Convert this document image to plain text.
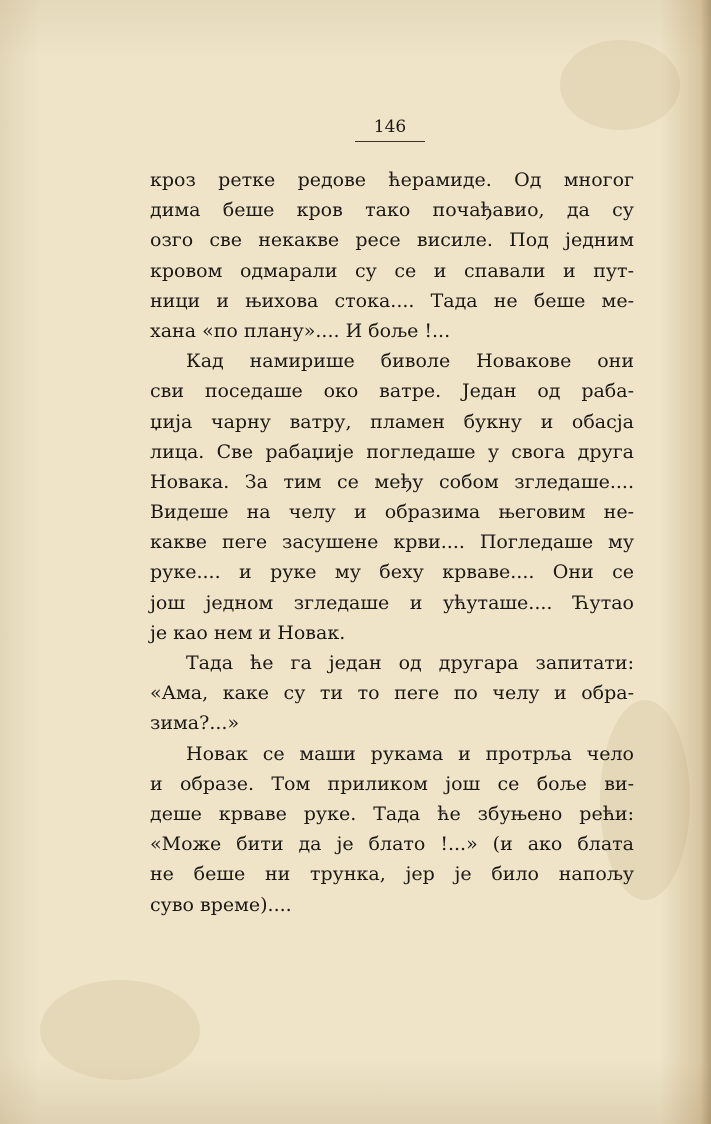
146
кроз ретке редове ћерамиде. Од многог
дима беше кров тако почађавио, да су
озго све некакве ресе висиле. Под једним
кровом одмарали су се и спавали и пут-
ници и њихова стока.... Тада не беше ме-
хана «по плану».... И боље !...
Кад намирише биволе Новакове они
сви поседаше око ватре. Један од раба-
џија чарну ватру, пламен букну и обасја
лица. Све рабаџије погледаше у свога друга
Новака. За тим се међу собом згледаше....
Видеше на челу и образима његовим не-
какве пеге засушене крви.... Погледаше му
руке.... и руке му беху крваве.... Они се
још једном згледаше и ућуташе.... Ћутао
је као нем и Новак.
Тада ће га један од другара запитати:
«Ама, каке су ти то пеге по челу и обра-
зима?...»
Новак се маши рукама и протрља чело
и образе. Том приликом још се боље ви-
деше крваве руке. Тада ће збуњено рећи:
«Може бити да је блато !...» (и ако блата
не беше ни трунка, јер је било напољу
суво време)....
